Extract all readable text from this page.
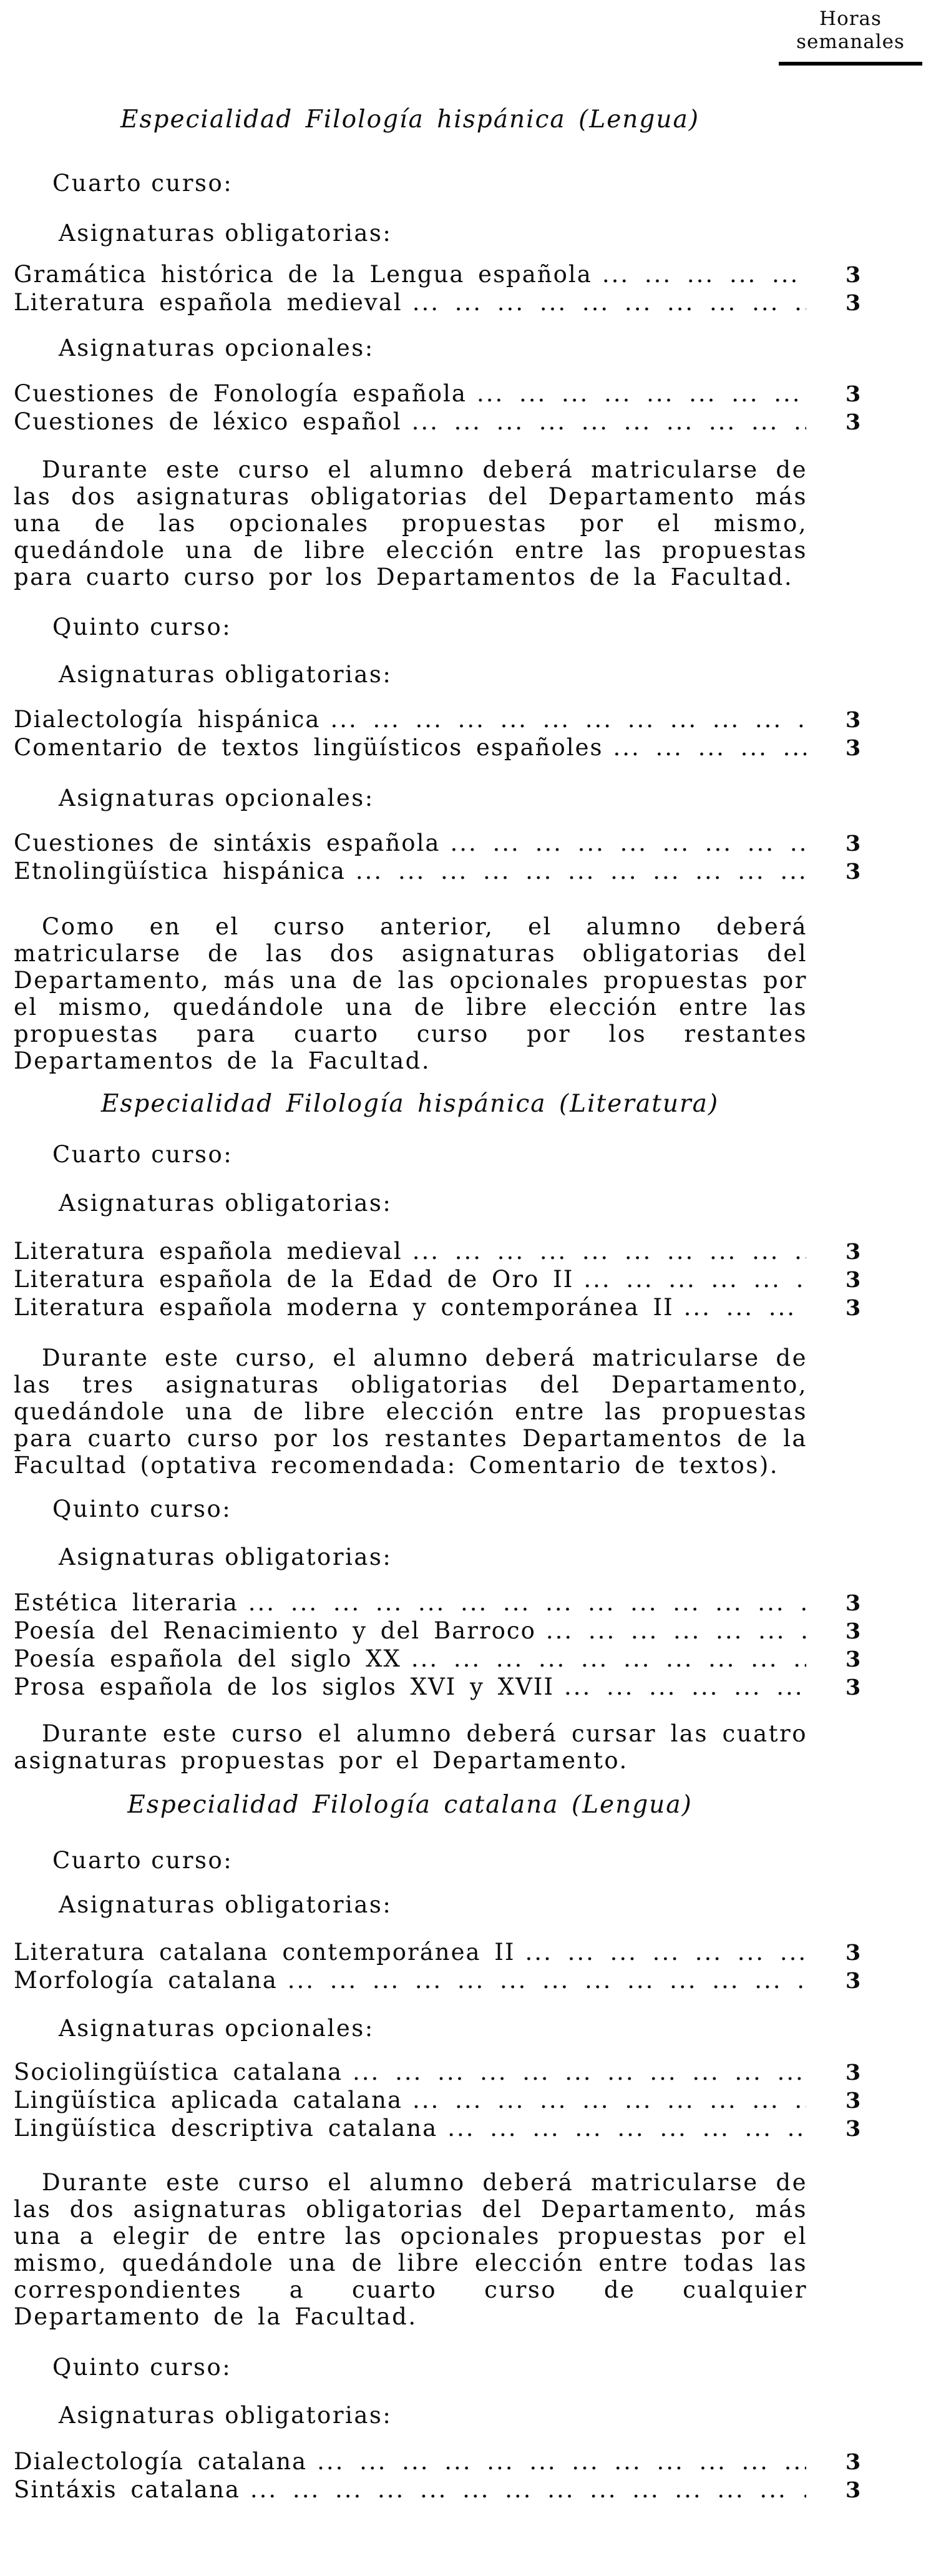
Horas
semanales
Especialidad Filología hispánica (Lengua)
Cuarto curso:
Asignaturas obligatorias:
Gramática histórica de la Lengua española ... .	3
Literatura española medieval ... .	3
Asignaturas opcionales:
Cuestiones de Fonología española ... .	3
Cuestiones de léxico español ... .	3
Durante este curso el alumno deberá matricularse de las dos asignaturas obligatorias del Departamento más una de las opcionales propuestas por el mismo, quedándole una de libre elección entre las propuestas para cuarto curso por los Departamentos de la Facultad.
Quinto curso:
Asignaturas obligatorias:
Dialectología hispánica ... .	3
Comentario de textos lingüísticos españoles ... .	3
Asignaturas opcionales:
Cuestiones de sintáxis española ... .	3
Etnolingüística hispánica ... .	3
Como en el curso anterior, el alumno deberá matricularse de las dos asignaturas obligatorias del Departamento, más una de las opcionales propuestas por el mismo, quedándole una de libre elección entre las propuestas para cuarto curso por los restantes Departamentos de la Facultad.
Especialidad Filología hispánica (Literatura)
Cuarto curso:
Asignaturas obligatorias:
Literatura española medieval ... .	3
Literatura española de la Edad de Oro II ... .	3
Literatura española moderna y contemporánea II ... .	3
Durante este curso, el alumno deberá matricularse de las tres asignaturas obligatorias del Departamento, quedándole una de libre elección entre las propuestas para cuarto curso por los restantes Departamentos de la Facultad (optativa recomendada: Comentario de textos).
Quinto curso:
Asignaturas obligatorias:
Estética literaria ... .	3
Poesía del Renacimiento y del Barroco ... .	3
Poesía española del siglo XX ... .	3
Prosa española de los siglos XVI y XVII ... .	3
Durante este curso el alumno deberá cursar las cuatro asignaturas propuestas por el Departamento.
Especialidad Filología catalana (Lengua)
Cuarto curso:
Asignaturas obligatorias:
Literatura catalana contemporánea II ... .	3
Morfología catalana ... .	3
Asignaturas opcionales:
Sociolingüística catalana ... .	3
Lingüística aplicada catalana ... .	3
Lingüística descriptiva catalana ... .	3
Durante este curso el alumno deberá matricularse de las dos asignaturas obligatorias del Departamento, más una a elegir de entre las opcionales propuestas por el mismo, quedándole una de libre elección entre todas las correspondientes a cuarto curso de cualquier Departamento de la Facultad.
Quinto curso:
Asignaturas obligatorias:
Dialectología catalana ... .	3
Sintáxis catalana ... .	3
